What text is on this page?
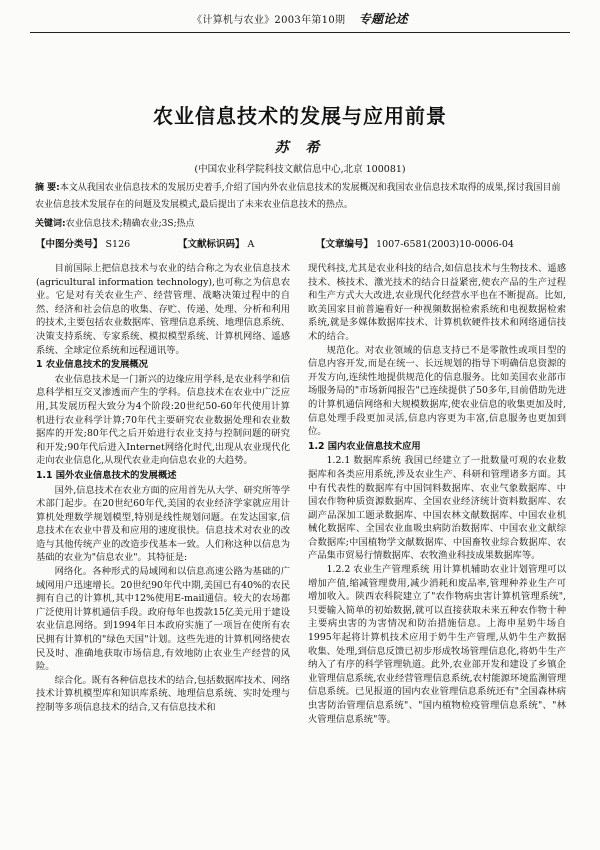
《计算机与农业》2003年第10期 专题论述
农业信息技术的发展与应用前景
苏 希
(中国农业科学院科技文献信息中心,北京 100081)
摘 要:本文从我国农业信息技术的发展历史着手,介绍了国内外农业信息技术的发展概况和我国农业信息技术取得的成果,探讨我国目前农业信息技术发展存在的问题及发展模式,最后提出了未来农业信息技术的热点。
关键词:农业信息技术;精确农业;3S;热点
【中图分类号】 S126	【文献标识码】 A	【文章编号】 1007-6581(2003)10-0006-04

目前国际上把信息技术与农业的结合称之为农业信息技术(agricultural information technology),也可称之为信息农业。它是对有关农业生产、经营管理、战略决策过程中的自然、经济和社会信息的收集、存贮、传递、处理、分析和利用的技术,主要包括农业数据库、管理信息系统、地理信息系统、决策支持系统、专家系统、模拟模型系统、计算机网络、遥感系统、全球定位系统和远程通讯等。

1 农业信息技术的发展概况

农业信息技术是一门新兴的边缘应用学科,是农业科学和信息科学相互交叉渗透而产生的学科。信息技术在农业中广泛应用,其发展历程大致分为4个阶段:20世纪50-60年代使用计算机进行农业科学计算;70年代主要研究农业数据处理和农业数据库的开发;80年代之后开始进行农业支持与控制问题的研究和开发;90年代后进入Internet网络化时代,出现从农业现代化走向农业信息化,从现代农业走向信息农业的大趋势。

1.1 国外农业信息技术的发展概述

国外,信息技术在农业方面的应用首先从大学、研究所等学术部门起步。在20世纪60年代,美国的农业经济学家就应用计算机处理数学规划模型,特别是线性规划问题。在发达国家,信息技术在农业中普及和应用的速度很快。信息技术对农业的改造与其他传统产业的改造步伐基本一致。人们称这种以信息为基础的农业为"信息农业"。其特征是:

网络化。各种形式的局域网和以信息高速公路为基础的广域网用户迅速增长。20世纪90年代中期,美国已有40%的农民拥有自己的计算机,其中12%使用E-mail通信。较大的农场都广泛使用计算机通信手段。政府每年也拨款15亿美元用于建设农业信息网络。到1994年日本政府实施了一项旨在使所有农民拥有计算机的"绿色天国"计划。这些先进的计算机网络使农民及时、准确地获取市场信息,有效地防止农业生产经营的风险。

综合化。既有各种信息技术的结合,包括数据库技术、网络技术计算机模型库和知识库系统、地理信息系统、实时处理与控制等多项信息技术的结合,又有信息技术和

现代科技,尤其是农业科技的结合,如信息技术与生物技术、遥感技术、核技术、激光技术的结合日益紧密,使农产品的生产过程和生产方式大大改进,农业现代化经营水平也在不断提高。比如,欧美国家目前普遍看好一种视频数据检索系统和电视数据检索系统,就是多媒体数据库技术、计算机软硬件技术和网络通信技术的结合。

规范化。对农业领域的信息支持已不是零散性或项目型的信息内容开发,而是在统一、长远规划的指导下明确信息资源的开发方向,连续性地提供规范化的信息服务。比如美国农业部市场服务局的"市场新闻报告"已连续提供了50多年,目前借助先进的计算机通信网络和大规模数据库,使农业信息的收集更加及时,信息处理手段更加灵活,信息内容更为丰富,信息服务也更加到位。

1.2 国内农业信息技术应用

1.2.1 数据库系统 我国已经建立了一批数量可观的农业数据库和各类应用系统,涉及农业生产、科研和管理诸多方面。其中有代表性的数据库有中国饲料数据库、农业气象数据库、中国农作物种质资源数据库、全国农业经济统计资料数据库、农副产品深加工题录数据库、中国农林文献数据库、中国农业机械化数据库、全国农业血吸虫病防治数据库、中国农业文献综合数据库;中国植物学文献数据库、中国畜牧业综合数据库、农产品集市贸易行情数据库、农牧渔业科技成果数据库等。

1.2.2 农业生产管理系统 用计算机辅助农业计划管理可以增加产值,缩减管理费用,减少消耗和废品率,管理种养业生产可增加收入。陕西农科院建立了"农作物病虫害计算机管理系统",只要输入简单的初始数据,就可以直接获取未来五种农作物十种主要病虫害的为害情况和防治措施信息。上海申星奶牛场自1995年起将计算机技术应用于奶牛生产管理,从奶牛生产数据收集、处理,到信息反馈已初步形成牧场管理信息化,将奶牛生产纳入了有序的科学管理轨道。此外,农业部开发和建设了乡镇企业管理信息系统,农业经营管理信息系统,农村能源环境监测管理信息系统。已见报道的国内农业管理信息系统还有"全国森林病虫害防治管理信息系统"、"国内植物检疫管理信息系统"、"林火管理信息系统"等。
